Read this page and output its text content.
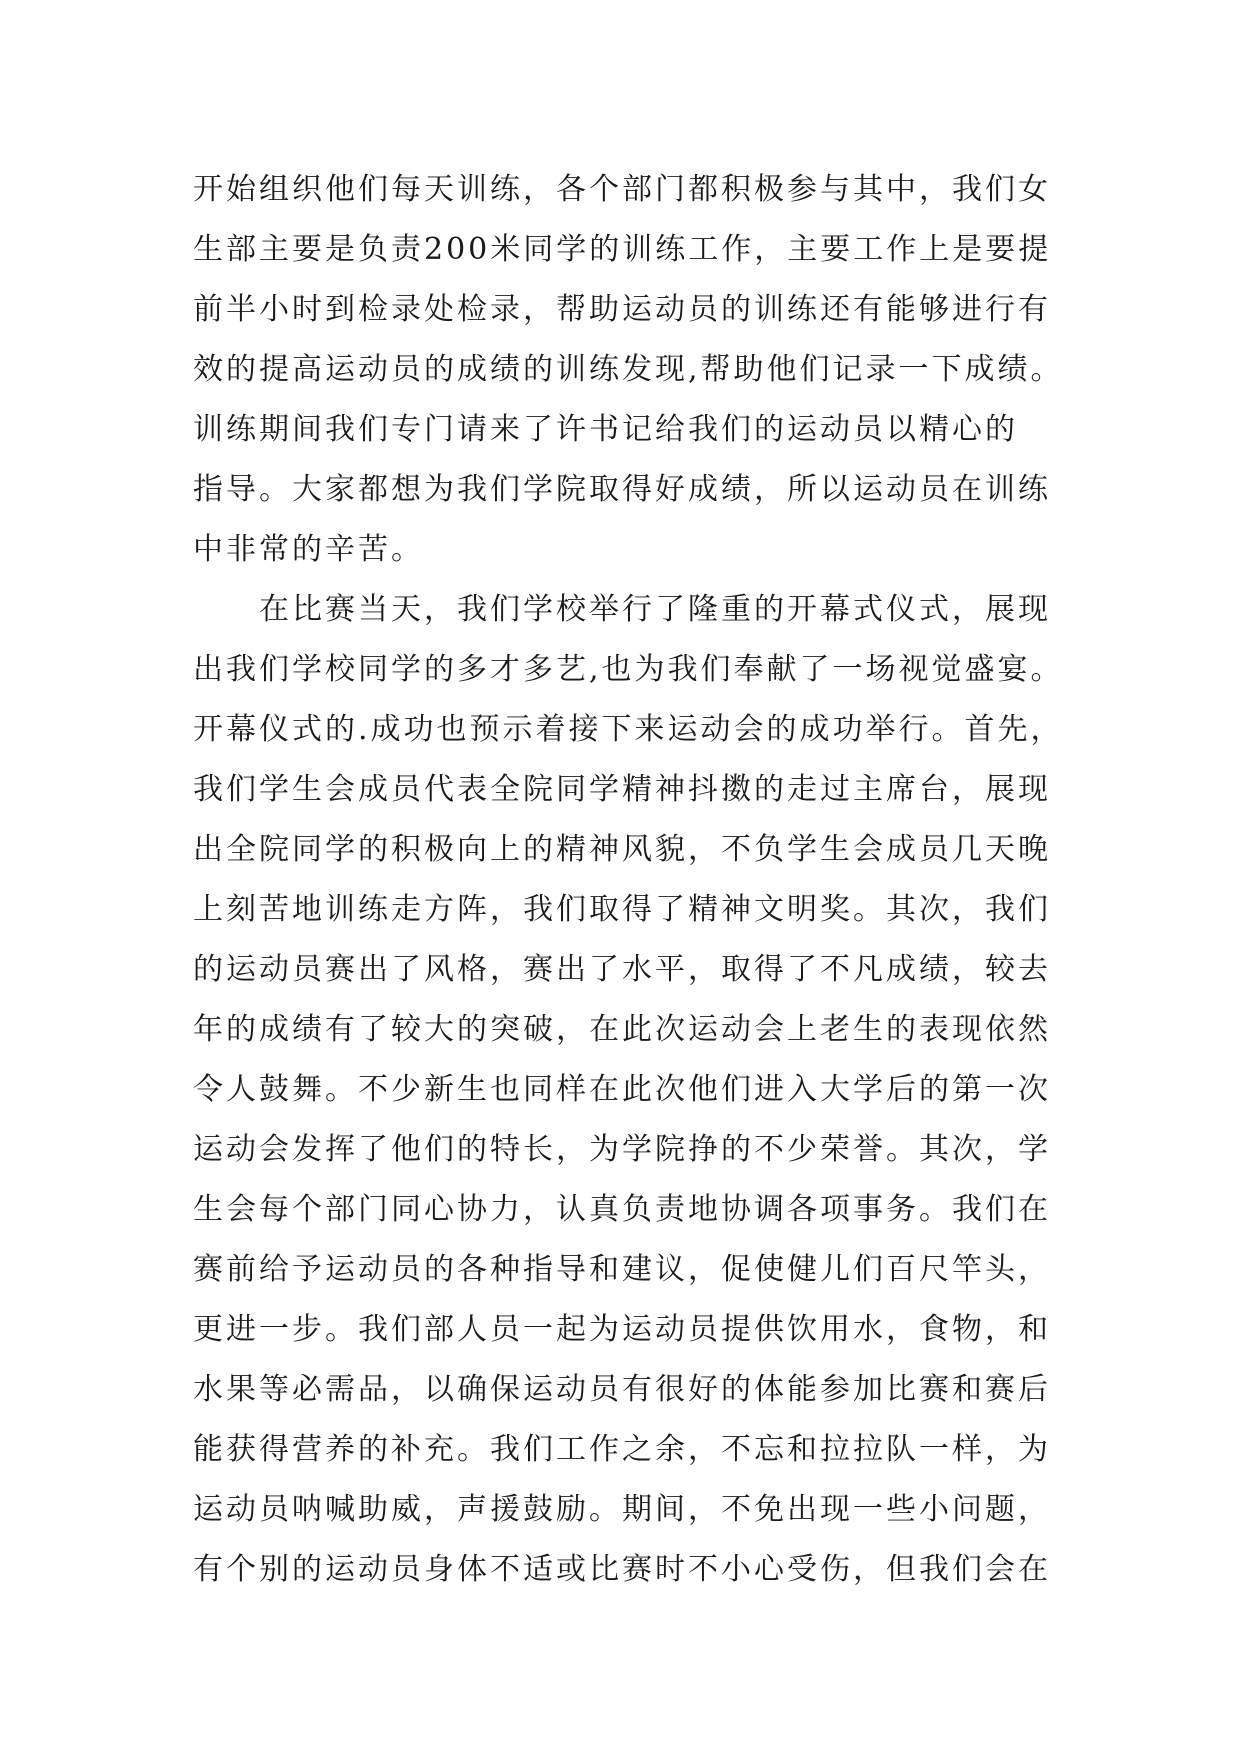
开始组织他们每天训练，各个部门都积极参与其中，我们女
生部主要是负责200米同学的训练工作，主要工作上是要提
前半小时到检录处检录，帮助运动员的训练还有能够进行有
效的提高运动员的成绩的训练发现,帮助他们记录一下成绩。
训练期间我们专门请来了许书记给我们的运动员以精心的
指导。大家都想为我们学院取得好成绩，所以运动员在训练
中非常的辛苦。
　　在比赛当天，我们学校举行了隆重的开幕式仪式，展现
出我们学校同学的多才多艺,也为我们奉献了一场视觉盛宴。
开幕仪式的.成功也预示着接下来运动会的成功举行。首先，
我们学生会成员代表全院同学精神抖擞的走过主席台，展现
出全院同学的积极向上的精神风貌，不负学生会成员几天晚
上刻苦地训练走方阵，我们取得了精神文明奖。其次，我们
的运动员赛出了风格，赛出了水平，取得了不凡成绩，较去
年的成绩有了较大的突破，在此次运动会上老生的表现依然
令人鼓舞。不少新生也同样在此次他们进入大学后的第一次
运动会发挥了他们的特长，为学院挣的不少荣誉。其次，学
生会每个部门同心协力，认真负责地协调各项事务。我们在
赛前给予运动员的各种指导和建议，促使健儿们百尺竿头，
更进一步。我们部人员一起为运动员提供饮用水，食物，和
水果等必需品，以确保运动员有很好的体能参加比赛和赛后
能获得营养的补充。我们工作之余，不忘和拉拉队一样，为
运动员呐喊助威，声援鼓励。期间，不免出现一些小问题，
有个别的运动员身体不适或比赛时不小心受伤，但我们会在
